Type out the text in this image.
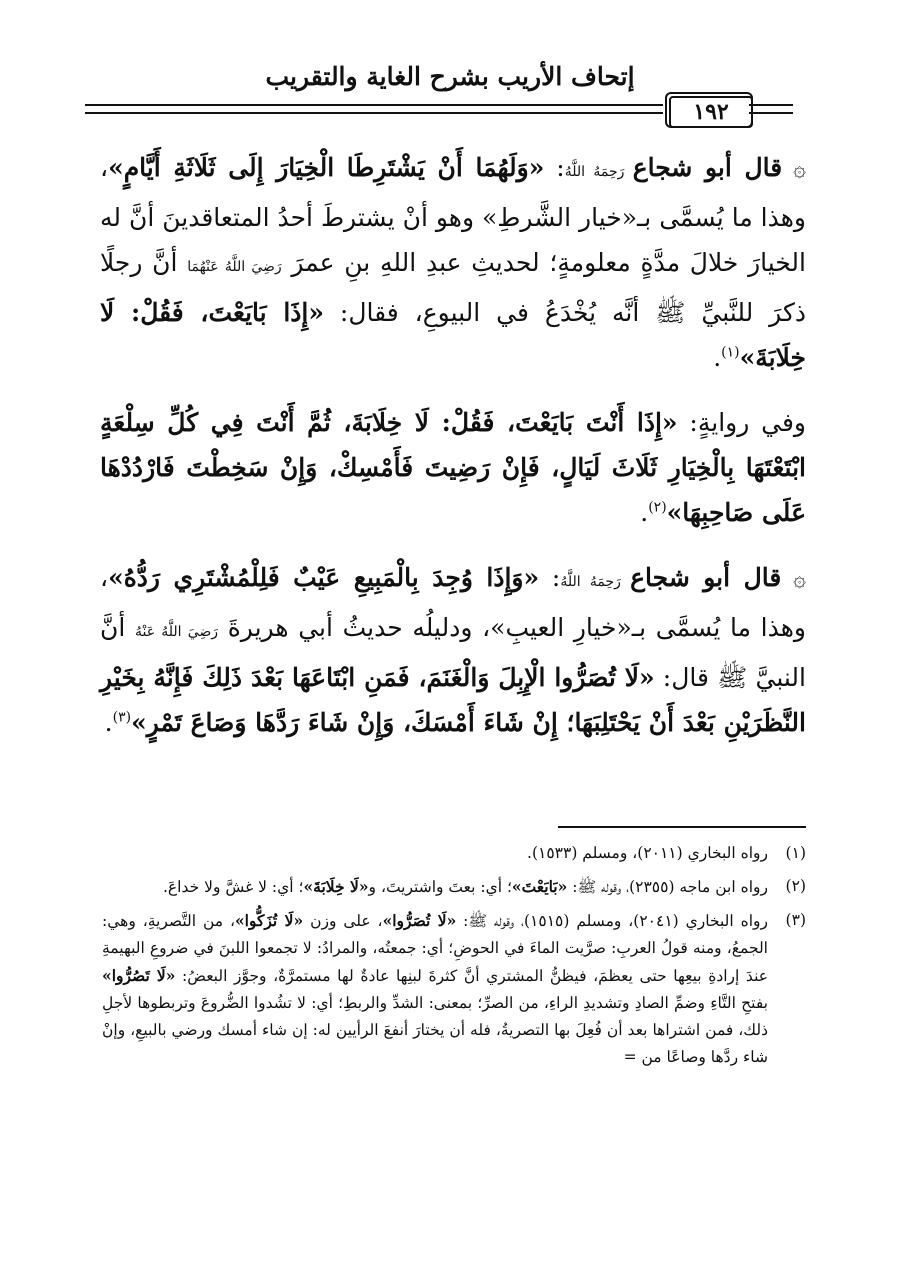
إتحاف الأريب بشرح الغاية والتقريب
١٩٢

۞ قال أبو شجاع رَحِمَهُ اللَّهُ: «وَلَهُمَا أَنْ يَشْتَرِطَا الْخِيَارَ إِلَى ثَلَاثَةِ أَيَّامٍ»، وهذا ما يُسمَّى بـ«خيار الشَّرطِ» وهو أنْ يشترطَ أحدُ المتعاقدينَ أنَّ له الخيارَ خلالَ مدَّةٍ معلومةٍ؛ لحديثِ عبدِ اللهِ بنِ عمرَ رَضِيَ اللَّهُ عَنْهُمَا أنَّ رجلًا ذكرَ للنَّبيِّ ﷺ أنَّه يُخْدَعُ في البيوعِ، فقال: «إِذَا بَايَعْتَ، فَقُلْ: لَا خِلَابَةَ»$^{(١)}$.

وفي روايةٍ: «إِذَا أَنْتَ بَايَعْتَ، فَقُلْ: لَا خِلَابَةَ، ثُمَّ أَنْتَ فِي كُلِّ سِلْعَةٍ ابْتَعْتَهَا بِالْخِيَارِ ثَلَاثَ لَيَالٍ، فَإِنْ رَضِيتَ فَأَمْسِكْ، وَإِنْ سَخِطْتَ فَارْدُدْهَا عَلَى صَاحِبِهَا»$^{(٢)}$.

۞ قال أبو شجاع رَحِمَهُ اللَّهُ: «وَإِذَا وُجِدَ بِالْمَبِيعِ عَيْبٌ فَلِلْمُشْتَرِي رَدُّهُ»، وهذا ما يُسمَّى بـ«خيارِ العيبِ»، ودليلُه حديثُ أبي هريرةَ رَضِيَ اللَّهُ عَنْهُ أنَّ النبيَّ ﷺ قال: «لَا تُصَرُّوا الْإِبِلَ وَالْغَنَمَ، فَمَنِ ابْتَاعَهَا بَعْدَ ذَلِكَ فَإِنَّهُ بِخَيْرِ النَّظَرَيْنِ بَعْدَ أَنْ يَحْتَلِبَهَا؛ إِنْ شَاءَ أَمْسَكَ، وَإِنْ شَاءَ رَدَّهَا وَصَاعَ تَمْرٍ»$^{(٣)}$.

(١)
رواه البخاري (٢٠١١)، ومسلم (١٥٣٣).
(٢)
رواه ابن ماجه (٢٣٥٥)، وقوله ﷺ: «بَايَعْتَ»؛ أي: بعتَ واشتريتَ، و«لَا خِلَابَةَ»؛ أي: لا غشَّ ولا خداعَ.
(٣)
رواه البخاري (٢٠٤١)، ومسلم (١٥١٥)، وقوله ﷺ: «لَا تُصَرُّوا»، على وزن «لَا تُزَكُّوا»، من التَّصريةِ، وهي: الجمعُ، ومنه قولُ العربِ: صرَّيت الماءَ في الحوضِ؛ أي: جمعتُه، والمرادُ: لا تجمعوا اللبنَ في ضروعِ البهيمةِ عندَ إرادةِ بيعِها حتى يعظمَ، فيظنُّ المشتري أنَّ كثرةَ لبنِها عادةٌ لها مستمرَّةٌ، وجوَّز البعضُ: «لَا تَصُرُّوا» بفتحِ التَّاءِ وضمِّ الصادِ وتشديدِ الراءِ، من الصرِّ؛ بمعنى: الشدِّ والربطِ؛ أي: لا تشُدوا الضُّروعَ وتربطوها لأجلِ ذلك، فمن اشتراها بعد أن فُعِلَ بها التصريةُ، فله أن يختارَ أنفعَ الرأيين له: إن شاء أمسك ورضي بالبيعِ، وإنْ شاء ردَّها وصاعًا من =
